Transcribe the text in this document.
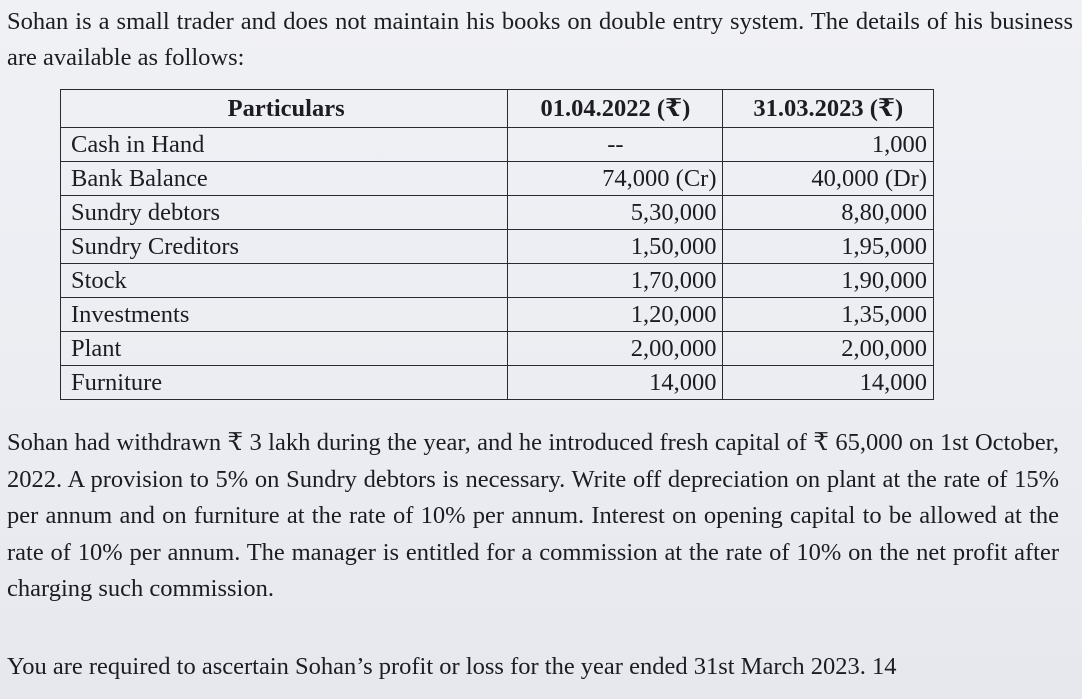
Sohan is a small trader and does not maintain his books on double entry system. The details of his business are available as follows:
Particulars	01.04.2022 (₹)	31.03.2023 (₹)
Cash in Hand	--	1,000
Bank Balance	74,000 (Cr)	40,000 (Dr)
Sundry debtors	5,30,000	8,80,000
Sundry Creditors	1,50,000	1,95,000
Stock	1,70,000	1,90,000
Investments	1,20,000	1,35,000
Plant	2,00,000	2,00,000
Furniture	14,000	14,000
Sohan had withdrawn ₹ 3 lakh during the year, and he introduced fresh capital of ₹ 65,000 on 1st October, 2022. A provision to 5% on Sundry debtors is necessary. Write off depreciation on plant at the rate of 15% per annum and on furniture at the rate of 10% per annum. Interest on opening capital to be allowed at the rate of 10% per annum. The manager is entitled for a commission at the rate of 10% on the net profit after charging such commission.
You are required to ascertain Sohan’s profit or loss for the year ended 31st March 2023. 14
